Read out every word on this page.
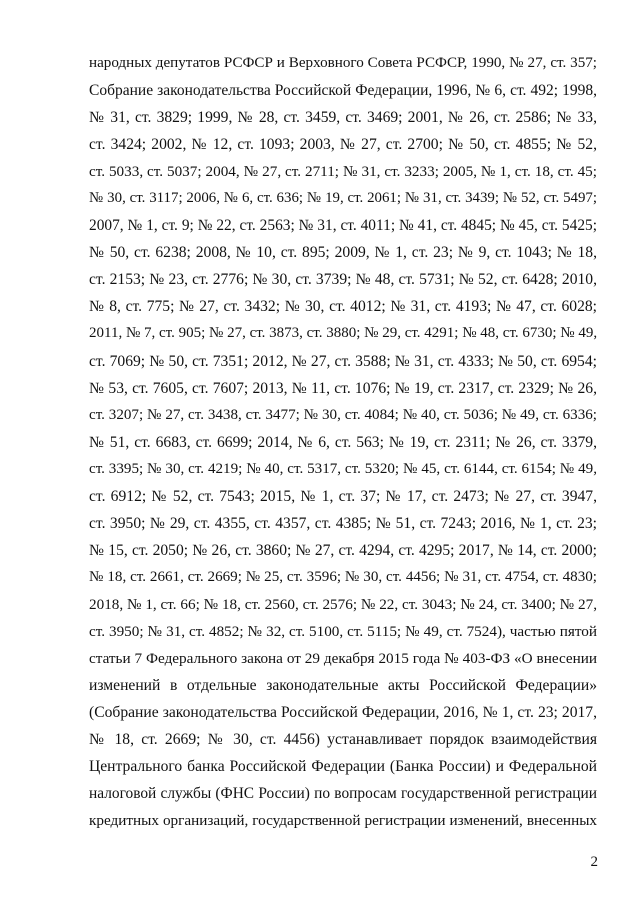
народных депутатов РСФСР и Верховного Совета РСФСР, 1990, № 27, ст. 357;
Собрание законодательства Российской Федерации, 1996, № 6, ст. 492; 1998,
№ 31, ст. 3829; 1999, № 28, ст. 3459, ст. 3469; 2001, № 26, ст. 2586; № 33,
ст. 3424; 2002, № 12, ст. 1093; 2003, № 27, ст. 2700; № 50, ст. 4855; № 52,
ст. 5033, ст. 5037; 2004, № 27, ст. 2711; № 31, ст. 3233; 2005, № 1, ст. 18, ст. 45;
№ 30, ст. 3117; 2006, № 6, ст. 636; № 19, ст. 2061; № 31, ст. 3439; № 52, ст. 5497;
2007, № 1, ст. 9; № 22, ст. 2563; № 31, ст. 4011; № 41, ст. 4845; № 45, ст. 5425;
№ 50, ст. 6238; 2008, № 10, ст. 895; 2009, № 1, ст. 23; № 9, ст. 1043; № 18,
ст. 2153; № 23, ст. 2776; № 30, ст. 3739; № 48, ст. 5731; № 52, ст. 6428; 2010,
№ 8, ст. 775; № 27, ст. 3432; № 30, ст. 4012; № 31, ст. 4193; № 47, ст. 6028;
2011, № 7, ст. 905; № 27, ст. 3873, ст. 3880; № 29, ст. 4291; № 48, ст. 6730; № 49,
ст. 7069; № 50, ст. 7351; 2012, № 27, ст. 3588; № 31, ст. 4333; № 50, ст. 6954;
№ 53, ст. 7605, ст. 7607; 2013, № 11, ст. 1076; № 19, ст. 2317, ст. 2329; № 26,
ст. 3207; № 27, ст. 3438, ст. 3477; № 30, ст. 4084; № 40, ст. 5036; № 49, ст. 6336;
№ 51, ст. 6683, ст. 6699; 2014, № 6, ст. 563; № 19, ст. 2311; № 26, ст. 3379,
ст. 3395; № 30, ст. 4219; № 40, ст. 5317, ст. 5320; № 45, ст. 6144, ст. 6154; № 49,
ст. 6912; № 52, ст. 7543; 2015, № 1, ст. 37; № 17, ст. 2473; № 27, ст. 3947,
ст. 3950; № 29, ст. 4355, ст. 4357, ст. 4385; № 51, ст. 7243; 2016, № 1, ст. 23;
№ 15, ст. 2050; № 26, ст. 3860; № 27, ст. 4294, ст. 4295; 2017, № 14, ст. 2000;
№ 18, ст. 2661, ст. 2669; № 25, ст. 3596; № 30, ст. 4456; № 31, ст. 4754, ст. 4830;
2018, № 1, ст. 66; № 18, ст. 2560, ст. 2576; № 22, ст. 3043; № 24, ст. 3400; № 27,
ст. 3950; № 31, ст. 4852; № 32, ст. 5100, ст. 5115; № 49, ст. 7524), частью пятой
статьи 7 Федерального закона от 29 декабря 2015 года № 403-ФЗ «О внесении
изменений в отдельные законодательные акты Российской Федерации»
(Собрание законодательства Российской Федерации, 2016, № 1, ст. 23; 2017,
№ 18, ст. 2669; № 30, ст. 4456) устанавливает порядок взаимодействия
Центрального банка Российской Федерации (Банка России) и Федеральной
налоговой службы (ФНС России) по вопросам государственной регистрации
кредитных организаций, государственной регистрации изменений, внесенных
2
